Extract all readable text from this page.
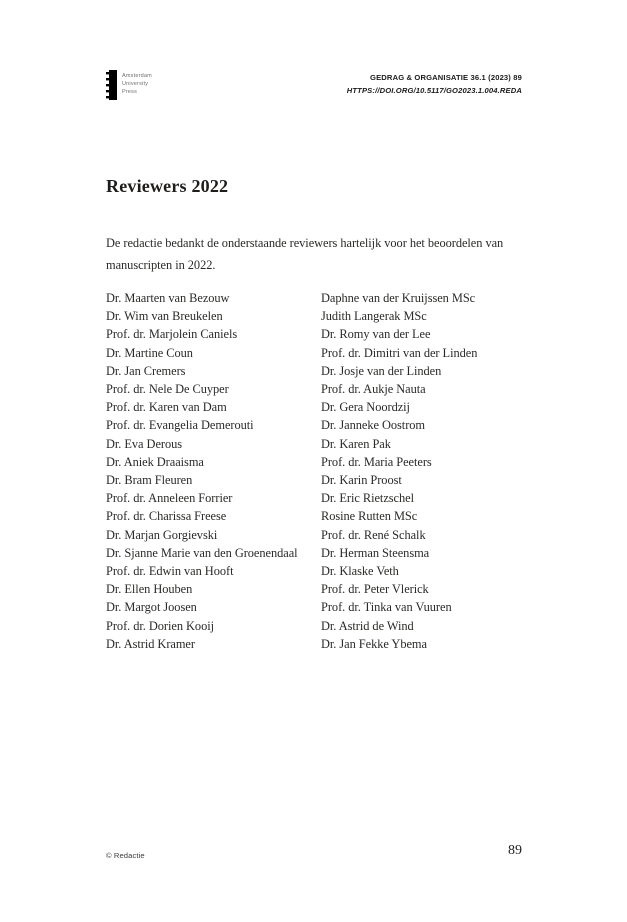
Amsterdam
University
Press
GEDRAG & ORGANISATIE 36.1 (2023) 89
HTTPS://DOI.ORG/10.5117/GO2023.1.004.REDA
Reviewers 2022

De redactie bedankt de onderstaande reviewers hartelijk voor het beoordelen van manuscripten in 2022.

Dr. Maarten van Bezouw
Dr. Wim van Breukelen
Prof. dr. Marjolein Caniels
Dr. Martine Coun
Dr. Jan Cremers
Prof. dr. Nele De Cuyper
Prof. dr. Karen van Dam
Prof. dr. Evangelia Demerouti
Dr. Eva Derous
Dr. Aniek Draaisma
Dr. Bram Fleuren
Prof. dr. Anneleen Forrier
Prof. dr. Charissa Freese
Dr. Marjan Gorgievski
Dr. Sjanne Marie van den Groenendaal
Prof. dr. Edwin van Hooft
Dr. Ellen Houben
Dr. Margot Joosen
Prof. dr. Dorien Kooij
Dr. Astrid Kramer
Daphne van der Kruijssen MSc
Judith Langerak MSc
Dr. Romy van der Lee
Prof. dr. Dimitri van der Linden
Dr. Josje van der Linden
Prof. dr. Aukje Nauta
Dr. Gera Noordzij
Dr. Janneke Oostrom
Dr. Karen Pak
Prof. dr. Maria Peeters
Dr. Karin Proost
Dr. Eric Rietzschel
Rosine Rutten MSc
Prof. dr. René Schalk
Dr. Herman Steensma
Dr. Klaske Veth
Prof. dr. Peter Vlerick
Prof. dr. Tinka van Vuuren
Dr. Astrid de Wind
Dr. Jan Fekke Ybema
© Redactie	89
